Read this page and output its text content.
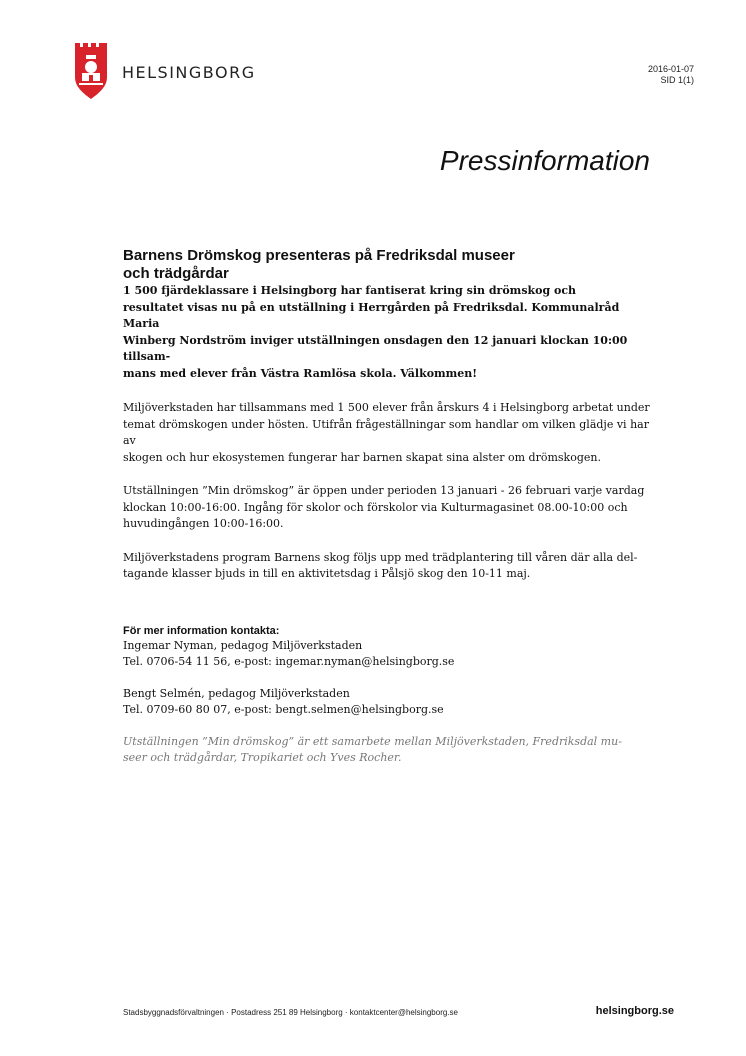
HELSINGBORG	2016-01-07
SID 1(1)
Pressinformation
Barnens Drömskog presenteras på Fredriksdal museer
och trädgårdar
1 500 fjärdeklassare i Helsingborg har fantiserat kring sin drömskog och
resultatet visas nu på en utställning i Herrgården på Fredriksdal. Kommunalråd Maria
Winberg Nordström inviger utställningen onsdagen den 12 januari klockan 10:00 tillsam-
mans med elever från Västra Ramlösa skola. Välkommen!
Miljöverkstaden har tillsammans med 1 500 elever från årskurs 4 i Helsingborg arbetat under
temat drömskogen under hösten. Utifrån frågeställningar som handlar om vilken glädje vi har av
skogen och hur ekosystemen fungerar har barnen skapat sina alster om drömskogen.
Utställningen ”Min drömskog” är öppen under perioden 13 januari - 26 februari varje vardag
klockan 10:00-16:00. Ingång för skolor och förskolor via Kulturmagasinet 08.00-10:00 och
huvudingången 10:00-16:00.
Miljöverkstadens program Barnens skog följs upp med trädplantering till våren där alla del-
tagande klasser bjuds in till en aktivitetsdag i Pålsjö skog den 10-11 maj.
För mer information kontakta:
Ingemar Nyman, pedagog Miljöverkstaden
Tel. 0706-54 11 56, e-post: ingemar.nyman@helsingborg.se
Bengt Selmén, pedagog Miljöverkstaden
Tel. 0709-60 80 07, e-post: bengt.selmen@helsingborg.se
Utställningen ”Min drömskog” är ett samarbete mellan Miljöverkstaden, Fredriksdal mu-
seer och trädgårdar, Tropikariet och Yves Rocher.
Stadsbyggnadsförvaltningen · Postadress 251 89 Helsingborg · kontaktcenter@helsingborg.se	helsingborg.se
